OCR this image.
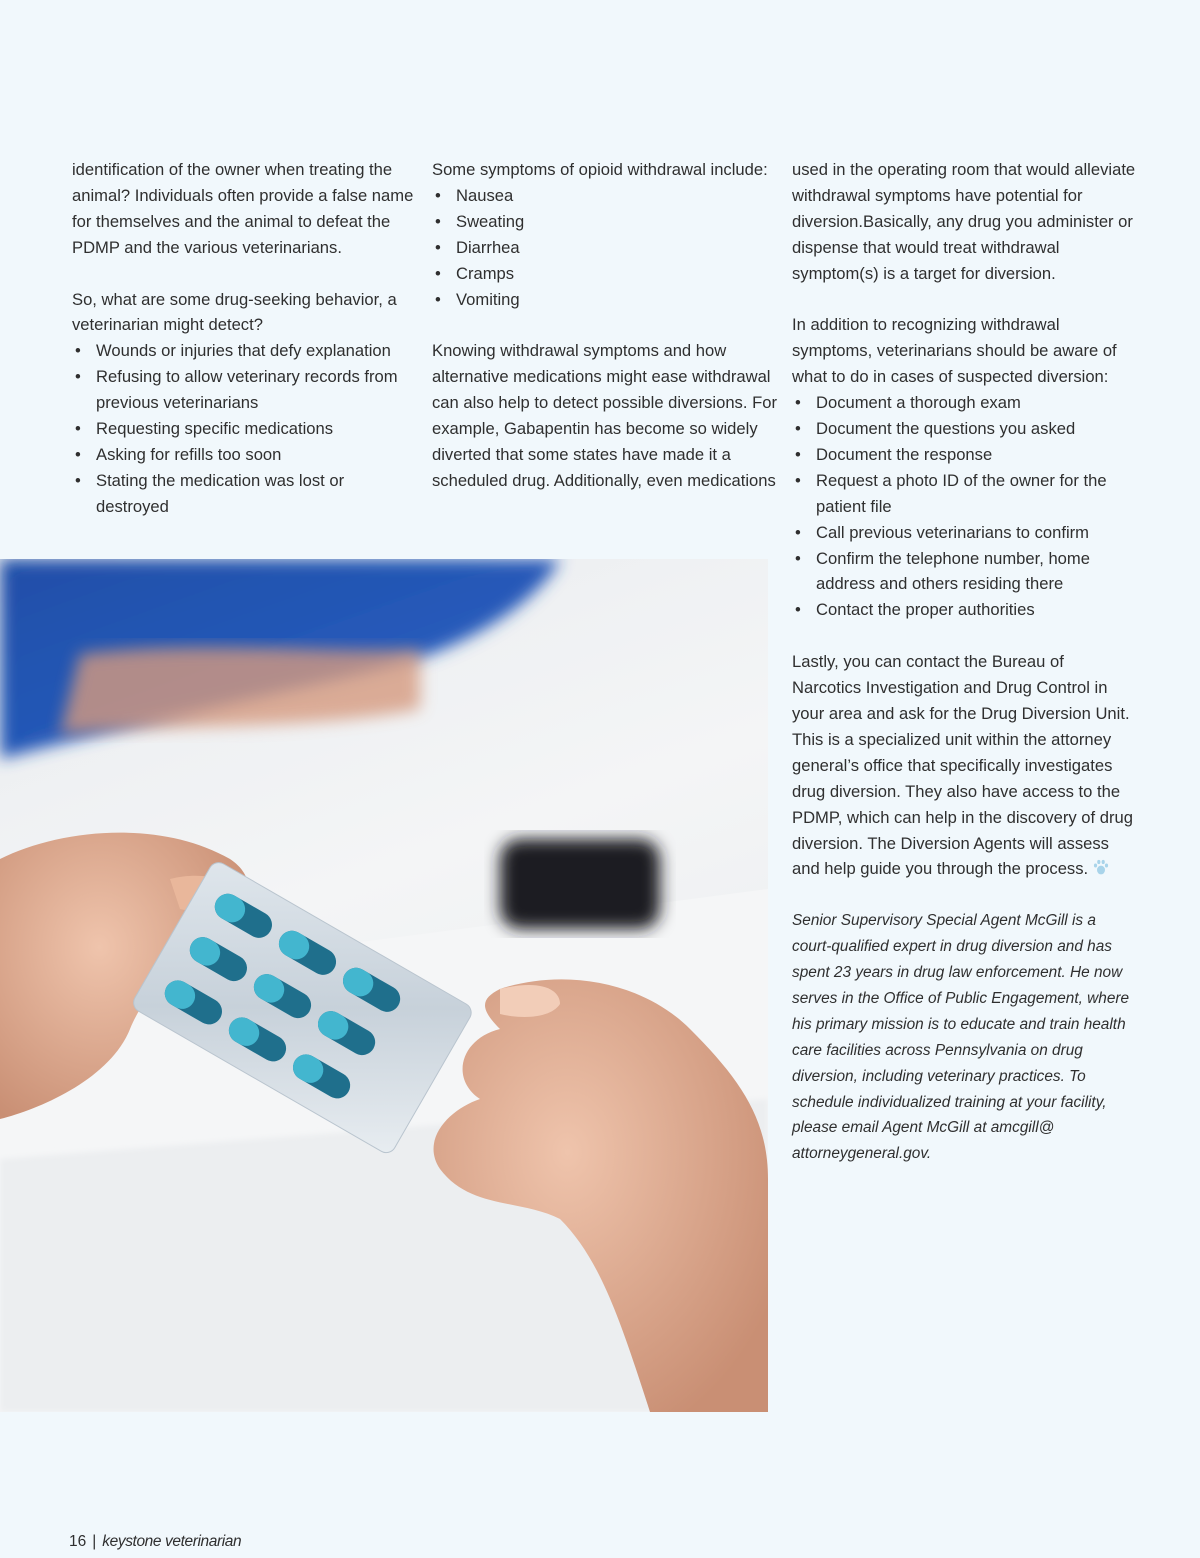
identification of the owner when treating the animal? Individuals often provide a false name for themselves and the animal to defeat the PDMP and the various veterinarians.

So, what are some drug-seeking behavior, a veterinarian might detect?

• Wounds or injuries that defy explanation
• Refusing to allow veterinary records from previous veterinarians
• Requesting specific medications
• Asking for refills too soon
• Stating the medication was lost or destroyed

Some symptoms of opioid withdrawal include:

• Nausea
• Sweating
• Diarrhea
• Cramps
• Vomiting

Knowing withdrawal symptoms and how alternative medications might ease withdrawal can also help to detect possible diversions. For example, Gabapentin has become so widely diverted that some states have made it a scheduled drug. Additionally, even medications

used in the operating room that would alleviate withdrawal symptoms have potential for diversion.Basically, any drug you administer or dispense that would treat withdrawal symptom(s) is a target for diversion.

In addition to recognizing withdrawal symptoms, veterinarians should be aware of what to do in cases of suspected diversion:

• Document a thorough exam
• Document the questions you asked
• Document the response
• Request a photo ID of the owner for the patient file
• Call previous veterinarians to confirm
• Confirm the telephone number, home address and others residing there
• Contact the proper authorities

Lastly, you can contact the Bureau of Narcotics Investigation and Drug Control in your area and ask for the Drug Diversion Unit. This is a specialized unit within the attorney general’s office that specifically investigates drug diversion. They also have access to the PDMP, which can help in the discovery of drug diversion. The Diversion Agents will assess and help guide you through the process.

Senior Supervisory Special Agent McGill is a court-qualified expert in drug diversion and has spent 23 years in drug law enforcement. He now serves in the Office of Public Engagement, where his primary mission is to educate and train health care facilities across Pennsylvania on drug diversion, including veterinary practices. To schedule individualized training at your facility, please email Agent McGill at amcgill@ attorneygeneral.gov.

16 | keystone veterinarian
